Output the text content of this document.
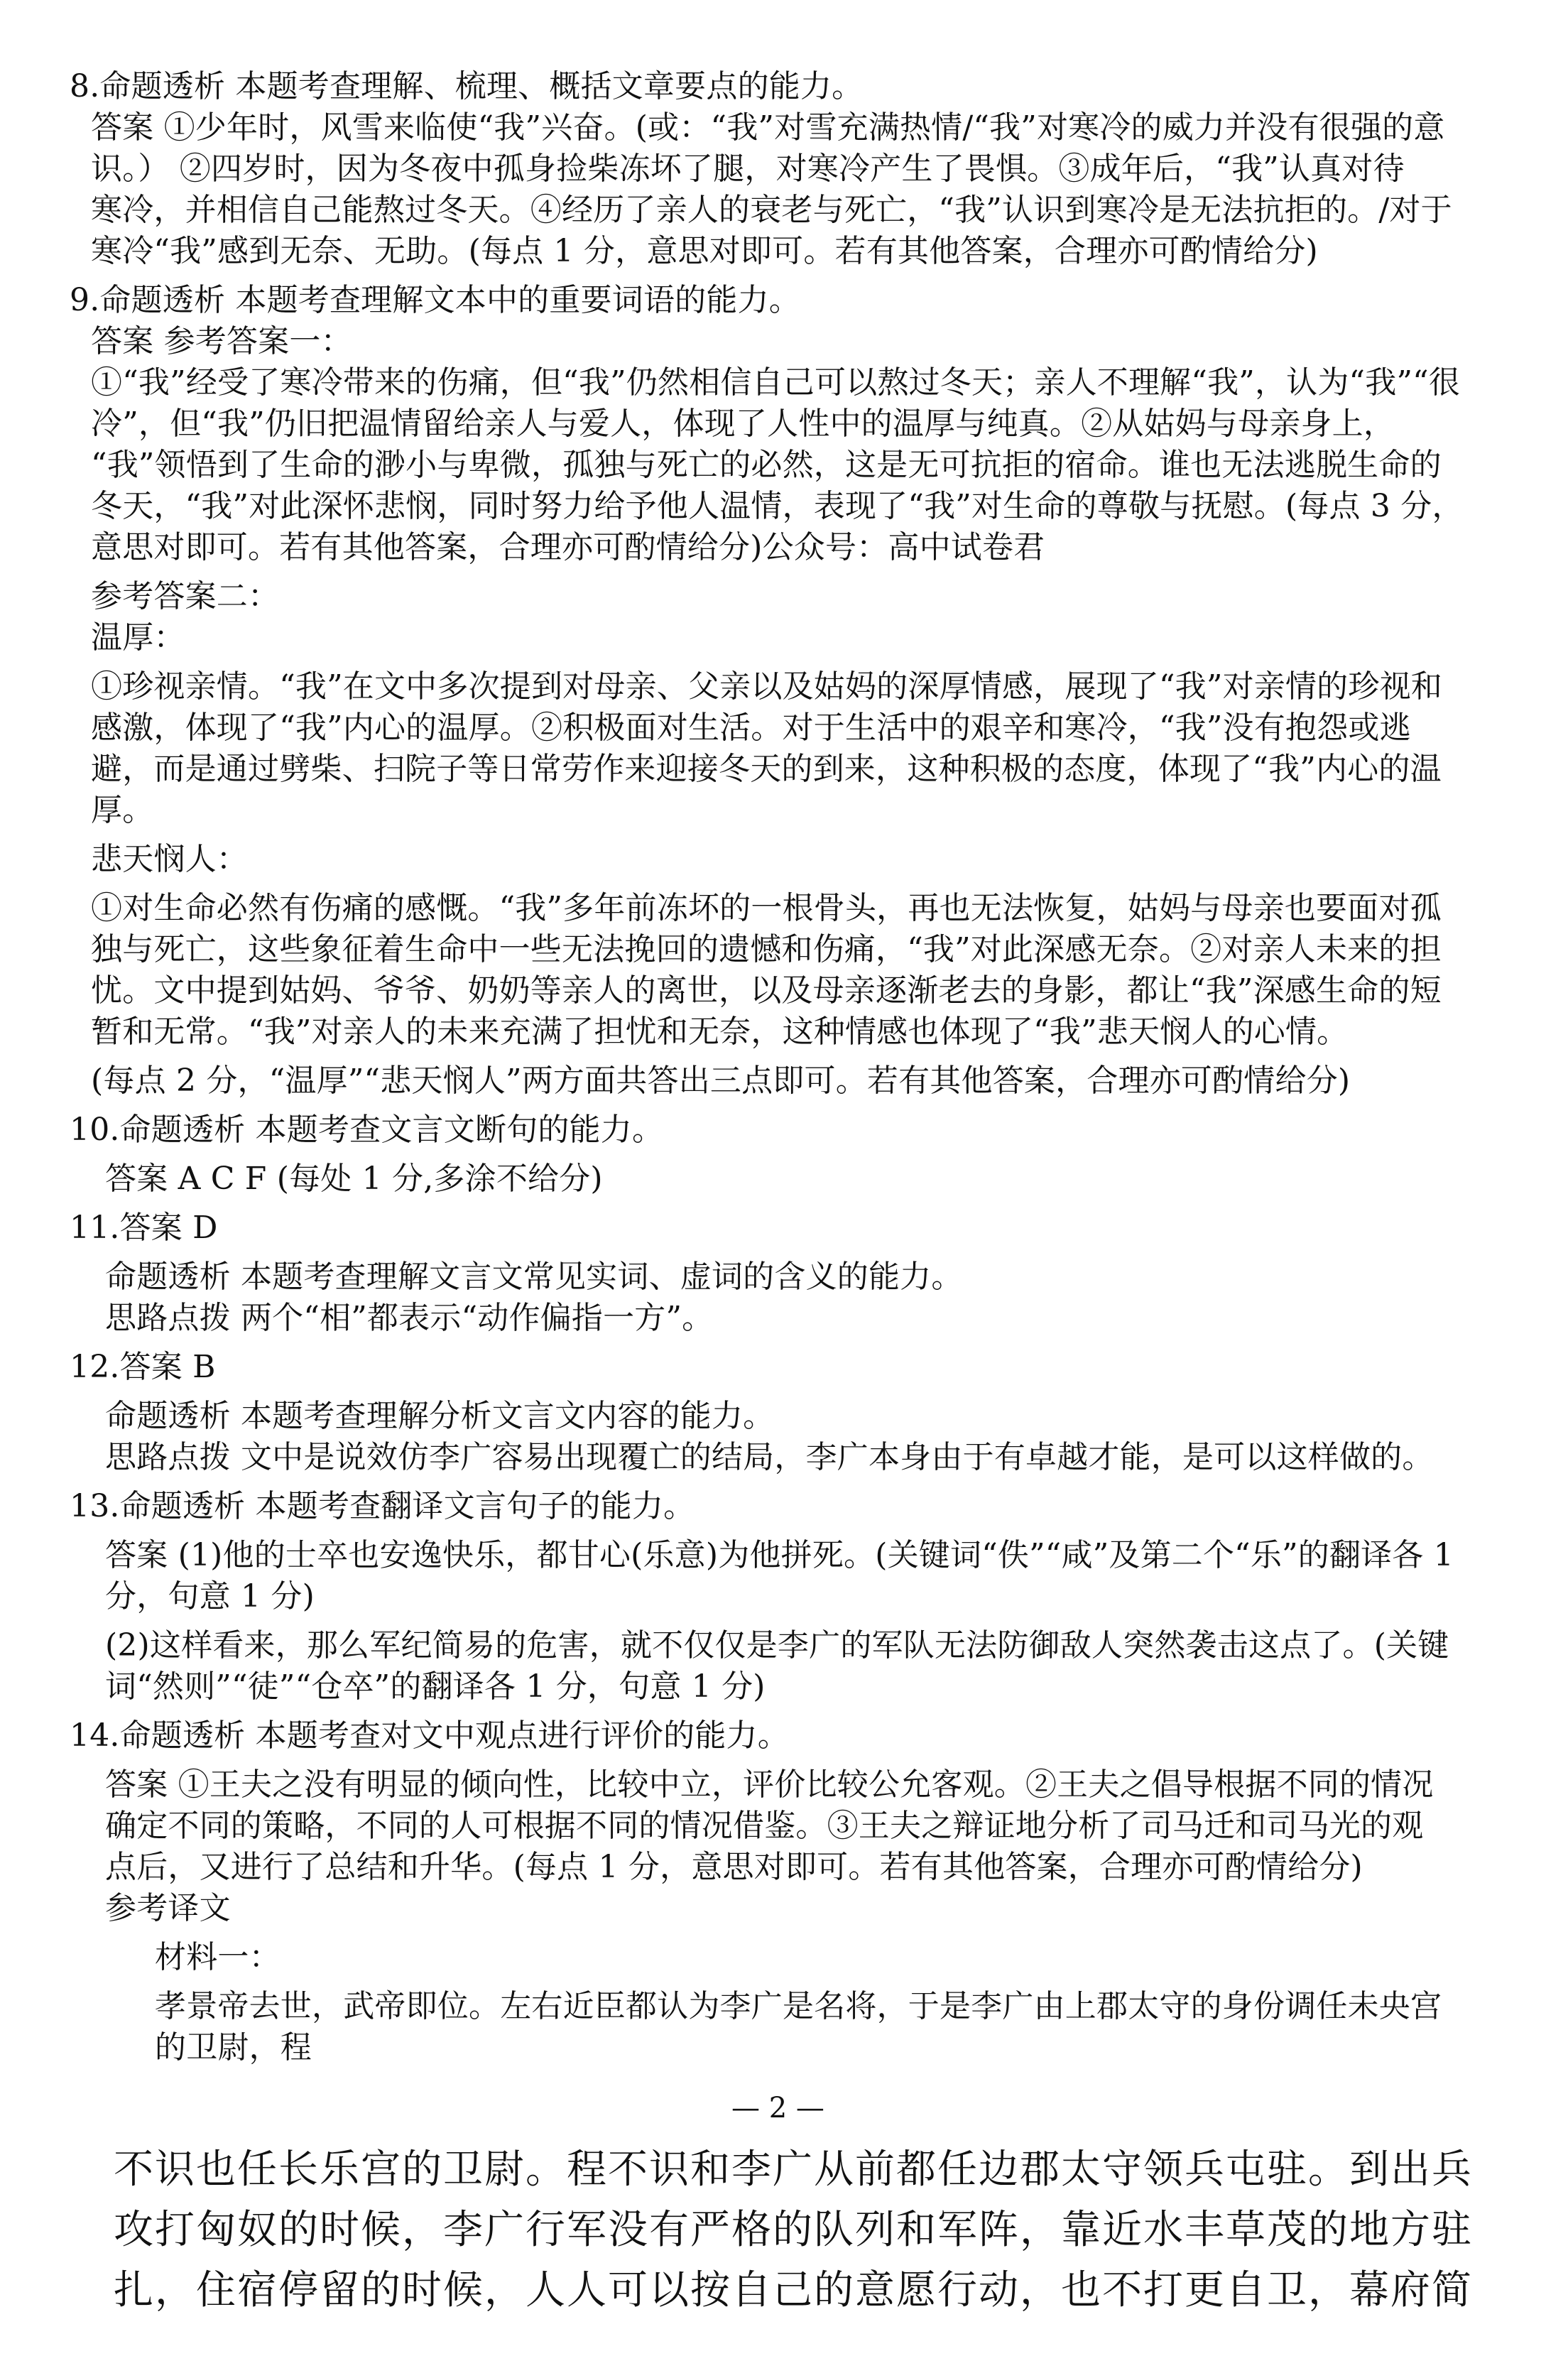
8.命题透析 本题考查理解、梳理、概括文章要点的能力。
答案 ①少年时，风雪来临使“我”兴奋。(或：“我”对雪充满热情/“我”对寒冷的威力并没有很强的意
识。） ②四岁时，因为冬夜中孤身捡柴冻坏了腿，对寒冷产生了畏惧。③成年后，“我”认真对待
寒冷，并相信自己能熬过冬天。④经历了亲人的衰老与死亡，“我”认识到寒冷是无法抗拒的。/对于
寒冷“我”感到无奈、无助。(每点 1 分，意思对即可。若有其他答案，合理亦可酌情给分)
9.命题透析 本题考查理解文本中的重要词语的能力。
答案 参考答案一：
①“我”经受了寒冷带来的伤痛，但“我”仍然相信自己可以熬过冬天；亲人不理解“我”，认为“我”“很
冷”，但“我”仍旧把温情留给亲人与爱人，体现了人性中的温厚与纯真。②从姑妈与母亲身上，
“我”领悟到了生命的渺小与卑微，孤独与死亡的必然，这是无可抗拒的宿命。谁也无法逃脱生命的
冬天，“我”对此深怀悲悯，同时努力给予他人温情，表现了“我”对生命的尊敬与抚慰。(每点 3 分，
意思对即可。若有其他答案，合理亦可酌情给分)公众号：高中试卷君
参考答案二：
温厚：
①珍视亲情。“我”在文中多次提到对母亲、父亲以及姑妈的深厚情感，展现了“我”对亲情的珍视和
感激，体现了“我”内心的温厚。②积极面对生活。对于生活中的艰辛和寒冷，“我”没有抱怨或逃
避，而是通过劈柴、扫院子等日常劳作来迎接冬天的到来，这种积极的态度，体现了“我”内心的温
厚。
悲天悯人：
①对生命必然有伤痛的感慨。“我”多年前冻坏的一根骨头，再也无法恢复，姑妈与母亲也要面对孤
独与死亡，这些象征着生命中一些无法挽回的遗憾和伤痛，“我”对此深感无奈。②对亲人未来的担
忧。文中提到姑妈、爷爷、奶奶等亲人的离世，以及母亲逐渐老去的身影，都让“我”深感生命的短
暂和无常。“我”对亲人的未来充满了担忧和无奈，这种情感也体现了“我”悲天悯人的心情。
(每点 2 分，“温厚”“悲天悯人”两方面共答出三点即可。若有其他答案，合理亦可酌情给分)
10.命题透析 本题考查文言文断句的能力。
答案 A C F (每处 1 分,多涂不给分)
11.答案 D
命题透析 本题考查理解文言文常见实词、虚词的含义的能力。
思路点拨 两个“相”都表示“动作偏指一方”。
12.答案 B
命题透析 本题考查理解分析文言文内容的能力。
思路点拨 文中是说效仿李广容易出现覆亡的结局，李广本身由于有卓越才能，是可以这样做的。
13.命题透析 本题考查翻译文言句子的能力。
答案 (1)他的士卒也安逸快乐，都甘心(乐意)为他拼死。(关键词“佚”“咸”及第二个“乐”的翻译各 1
分，句意 1 分)
(2)这样看来，那么军纪简易的危害，就不仅仅是李广的军队无法防御敌人突然袭击这点了。(关键
词“然则”“徒”“仓卒”的翻译各 1 分，句意 1 分)
14.命题透析 本题考查对文中观点进行评价的能力。
答案 ①王夫之没有明显的倾向性，比较中立，评价比较公允客观。②王夫之倡导根据不同的情况
确定不同的策略，不同的人可根据不同的情况借鉴。③王夫之辩证地分析了司马迁和司马光的观
点后，又进行了总结和升华。(每点 1 分，意思对即可。若有其他答案，合理亦可酌情给分)
参考译文
材料一：
孝景帝去世，武帝即位。左右近臣都认为李广是名将，于是李广由上郡太守的身份调任未央宫
的卫尉，程
— 2 —
不识也任长乐宫的卫尉。程不识和李广从前都任边郡太守领兵屯驻。到出兵
攻打匈奴的时候，李广行军没有严格的队列和军阵，靠近水丰草茂的地方驻
扎，住宿停留的时候，人人可以按自己的意愿行动，也不打更自卫，幕府简
